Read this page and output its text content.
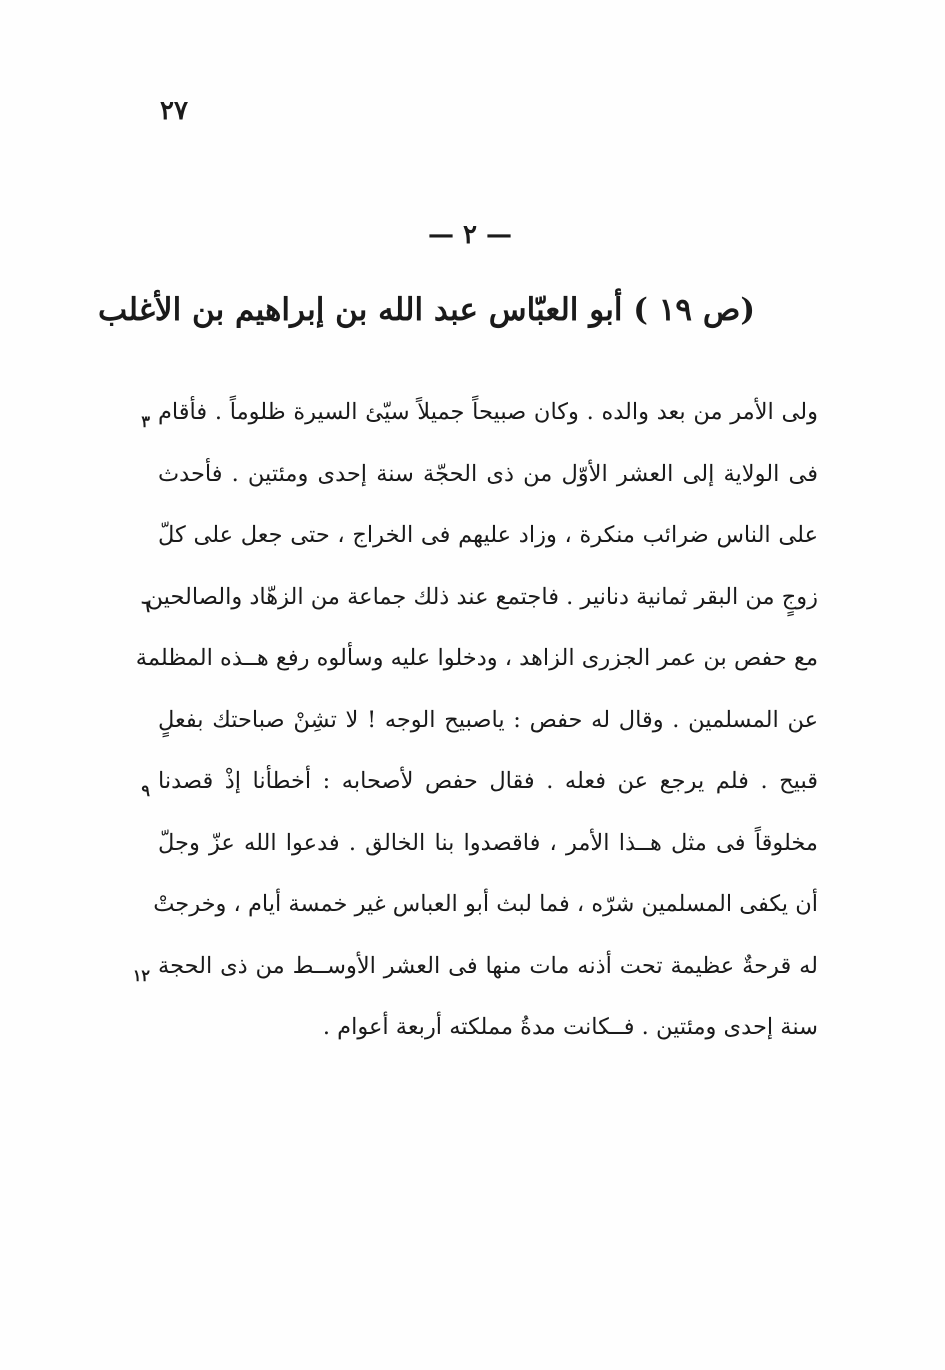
٢٧
— ٢ —
(ص ١٩ ) أبو العبّاس عبد الله بن إبراهيم بن الأغلب
ولى الأمر من بعد والده . وكان صبيحاً جميلاً سيّئ السيرة ظلوماً . فأقام
٣
فى الولاية إلى العشر الأوّل من ذى الحجّة سنة إحدى ومئتين . فأحدث
على الناس ضرائب منكرة ، وزاد عليهم فى الخراج ، حتى جعل على كلّ
زوجٍ من البقر ثمانية دنانير . فاجتمع عند ذلك جماعة من الزهّاد والصالحين
٦
مع حفص بن عمر الجزرى الزاهد ، ودخلوا عليه وسألوه رفع هــذه المظلمة
عن المسلمين . وقال له حفص : ياصبيح الوجه ! لا تشِنْ صباحتك بفعلٍ
قبيح . فلم يرجع عن فعله . فقال حفص لأصحابه : أخطأنا إذْ قصدنا
٩
مخلوقاً فى مثل هــذا الأمر ، فاقصدوا بنا الخالق . فدعوا الله عزّ وجلّ
أن يكفى المسلمين شرّه ، فما لبث أبو العباس غير خمسة أيام ، وخرجتْ
له قرحةٌ عظيمة تحت أذنه مات منها فى العشر الأوســط من ذى الحجة
١٢
سنة إحدى ومئتين . فــكانت مدةُ مملكته أربعة أعوام .
